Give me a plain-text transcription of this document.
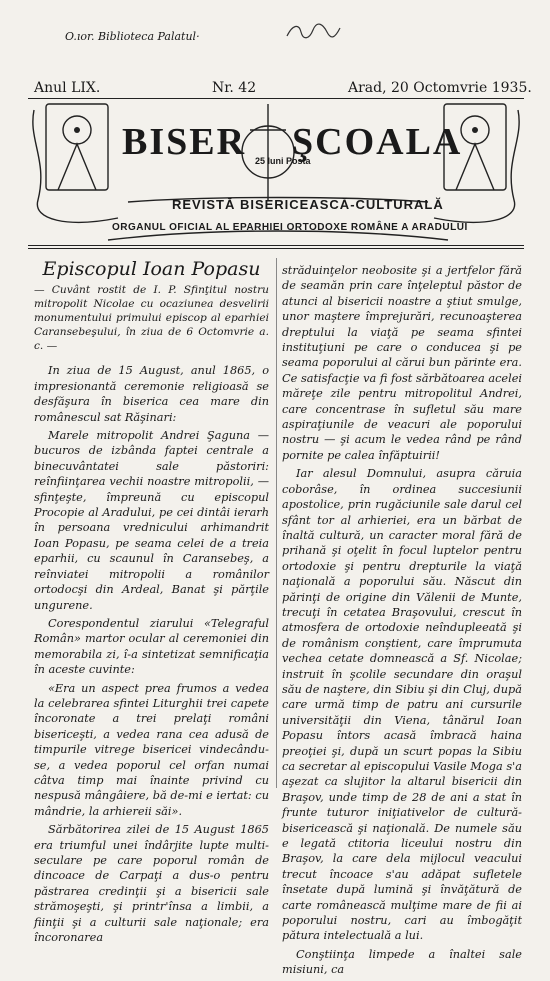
O.ıor. Biblioteca Palatul·
Anul LIX.	Nr. 42	Arad, 20 Octomvrie 1935.
BISER ŞCOALA
25 Iuni Posta
REVISTĂ BISERICEASCĂ-CULTURALĂ
ORGANUL OFICIAL AL EPARHIEI ORTODOXE ROMÂNE A ARADULUI
Episcopul Ioan Popasu
— Cuvânt rostit de I. P. Sfinţitul nostru mitropolit Nicolae cu ocaziunea desvelirii monumentului primului episcop al eparhiei Caransebeşului, în ziua de 6 Octomvrie a. c. —

In ziua de 15 August, anul 1865, o impresionantă ceremonie religioasă se desfăşura în biserica cea mare din românescul sat Răşinari:

Marele mitropolit Andrei Şaguna — bucuros de izbânda faptei centrale a binecuvântatei sale păstoriri: reînfiinţarea vechii noastre mitropolii, — sfinţeşte, împreună cu episcopul Procopie al Aradului, pe cei dintâi ierarh în persoana vrednicului arhimandrit Ioan Popasu, pe seama celei de a treia eparhii, cu scaunul în Caransebeş, a reînviatei mitropolii a românilor ortodocşi din Ardeal, Banat şi părţile ungurene.

Corespondentul ziarului «Telegraful Român» martor ocular al ceremoniei din memorabila zi, î-a sintetizat semnificaţia în aceste cuvinte:

«Era un aspect prea frumos a vedea la celebrarea sfintei Liturghii trei capete încoronate a trei prelaţi români bisericeşti, a vedea rana cea adusă de timpurile vitrege bisericei vindecându-se, a vedea poporul cel orfan numai câtva timp mai înainte privind cu nespusă mângâiere, bă de-mi e iertat: cu mândrie, la arhiereii săi».

Sărbătorirea zilei de 15 August 1865 era triumful unei îndârjite lupte multi-seculare pe care poporul român de dincoace de Carpaţi a dus-o pentru păstrarea credinţii şi a bisericii sale strămoşeşti, şi printr'însa a limbii, a fiinţii şi a culturii sale naţionale; era încoronarea

străduinţelor neobosite şi a jertfelor fără de seamăn prin care înţeleptul păstor de atunci al bisericii noastre a ştiut smulge, unor maştere împrejurări, recunoaşterea dreptului la viaţă pe seama sfintei instituţiuni pe care o conducea şi pe seama poporului al cărui bun părinte era. Ce satisfacţie va fi fost sărbătoarea acelei măreţe zile pentru mitropolitul Andrei, care concentrase în sufletul său mare aspiraţiunile de veacuri ale poporului nostru — şi acum le vedea rând pe rând pornite pe calea înfăptuirii!

Iar alesul Domnului, asupra căruia coborâse, în ordinea succesiunii apostolice, prin rugăciunile sale darul cel sfânt tor al arhieriei, era un bărbat de înaltă cultură, un caracter moral fără de prihană şi oţelit în focul luptelor pentru ortodoxie şi pentru drepturile la viaţă naţională a poporului său. Născut din părinţi de origine din Vălenii de Munte, trecuţi în cetatea Braşovului, crescut în atmosfera de ortodoxie neîndupleeată şi de românism conştient, care împrumuta vechea cetate domnească a Sf. Nicolae; instruit în şcolile secundare din oraşul său de naştere, din Sibiu şi din Cluj, după care urmă timp de patru ani cursurile universităţii din Viena, tânărul Ioan Popasu întors acasă îmbracă haina preoţiei şi, după un scurt popas la Sibiu ca secretar al episcopului Vasile Moga s'a aşezat ca slujitor la altarul bisericii din Braşov, unde timp de 28 de ani a stat în frunte tuturor iniţiativelor de cultură-bisericească şi naţională. De numele său e legată ctitoria liceului nostru din Braşov, la care dela mijlocul veacului trecut încoace s'au adăpat sufletele însetate după lumină şi învăţătură de carte românească mulţime mare de fii ai poporului nostru, cari au îmbogăţit pătura intelectuală a lui.

Conştiinţa limpede a înaltei sale misiuni, ca
